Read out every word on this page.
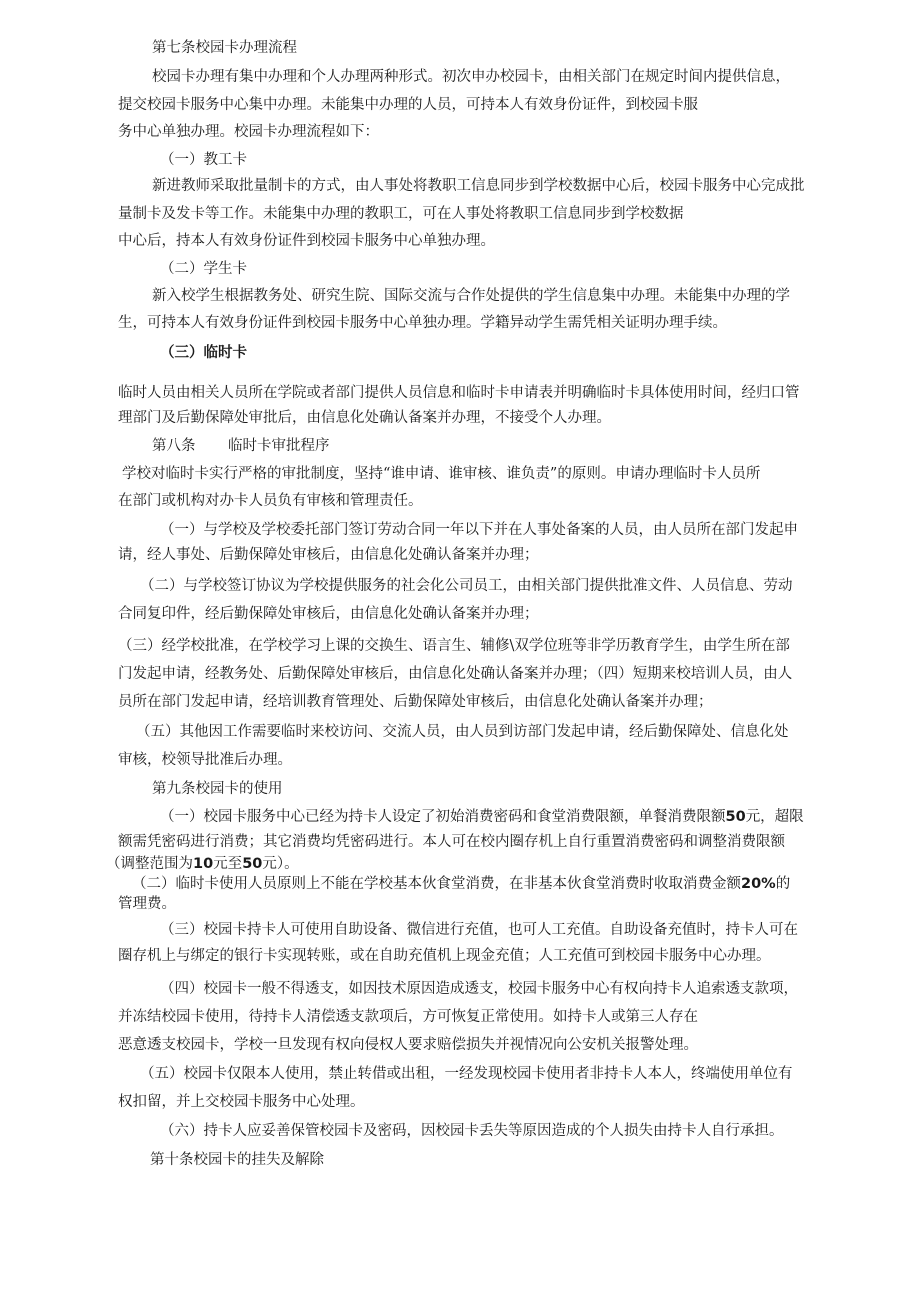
第七条校园卡办理流程
校园卡办理有集中办理和个人办理两种形式。初次申办校园卡，由相关部门在规定时间内提供信息，
提交校园卡服务中心集中办理。未能集中办理的人员，可持本人有效身份证件，到校园卡服
务中心单独办理。校园卡办理流程如下：
（一）教工卡
新进教师采取批量制卡的方式，由人事处将教职工信息同步到学校数据中心后，校园卡服务中心完成批
量制卡及发卡等工作。未能集中办理的教职工，可在人事处将教职工信息同步到学校数据
中心后，持本人有效身份证件到校园卡服务中心单独办理。
（二）学生卡
新入校学生根据教务处、研究生院、国际交流与合作处提供的学生信息集中办理。未能集中办理的学
生，可持本人有效身份证件到校园卡服务中心单独办理。学籍异动学生需凭相关证明办理手续。
（三）临时卡
临时人员由相关人员所在学院或者部门提供人员信息和临时卡申请表并明确临时卡具体使用时间，经归口管
理部门及后勤保障处审批后，由信息化处确认备案并办理，不接受个人办理。
第八条 临时卡审批程序
学校对临时卡实行严格的审批制度，坚持“谁申请、谁审核、谁负责”的原则。申请办理临时卡人员所
在部门或机构对办卡人员负有审核和管理责任。
（一）与学校及学校委托部门签订劳动合同一年以下并在人事处备案的人员，由人员所在部门发起申
请，经人事处、后勤保障处审核后，由信息化处确认备案并办理；
（二）与学校签订协议为学校提供服务的社会化公司员工，由相关部门提供批准文件、人员信息、劳动
合同复印件，经后勤保障处审核后，由信息化处确认备案并办理；
（三）经学校批准，在学校学习上课的交换生、语言生、辅修\双学位班等非学历教育学生，由学生所在部
门发起申请，经教务处、后勤保障处审核后，由信息化处确认备案并办理；（四）短期来校培训人员，由人
员所在部门发起申请，经培训教育管理处、后勤保障处审核后，由信息化处确认备案并办理；
（五）其他因工作需要临时来校访问、交流人员，由人员到访部门发起申请，经后勤保障处、信息化处
审核，校领导批准后办理。
第九条校园卡的使用
（一）校园卡服务中心已经为持卡人设定了初始消费密码和食堂消费限额，单餐消费限额50元，超限
额需凭密码进行消费；其它消费均凭密码进行。本人可在校内圈存机上自行重置消费密码和调整消费限额
（调整范围为10元至50元）。
（二）临时卡使用人员原则上不能在学校基本伙食堂消费，在非基本伙食堂消费时收取消费金额20%的
管理费。
（三）校园卡持卡人可使用自助设备、微信进行充值，也可人工充值。自助设备充值时，持卡人可在
圈存机上与绑定的银行卡实现转账，或在自助充值机上现金充值；人工充值可到校园卡服务中心办理。
（四）校园卡一般不得透支，如因技术原因造成透支，校园卡服务中心有权向持卡人追索透支款项，
并冻结校园卡使用，待持卡人清偿透支款项后，方可恢复正常使用。如持卡人或第三人存在
恶意透支校园卡，学校一旦发现有权向侵权人要求赔偿损失并视情况向公安机关报警处理。
（五）校园卡仅限本人使用，禁止转借或出租，一经发现校园卡使用者非持卡人本人，终端使用单位有
权扣留，并上交校园卡服务中心处理。
（六）持卡人应妥善保管校园卡及密码，因校园卡丢失等原因造成的个人损失由持卡人自行承担。
第十条校园卡的挂失及解除
